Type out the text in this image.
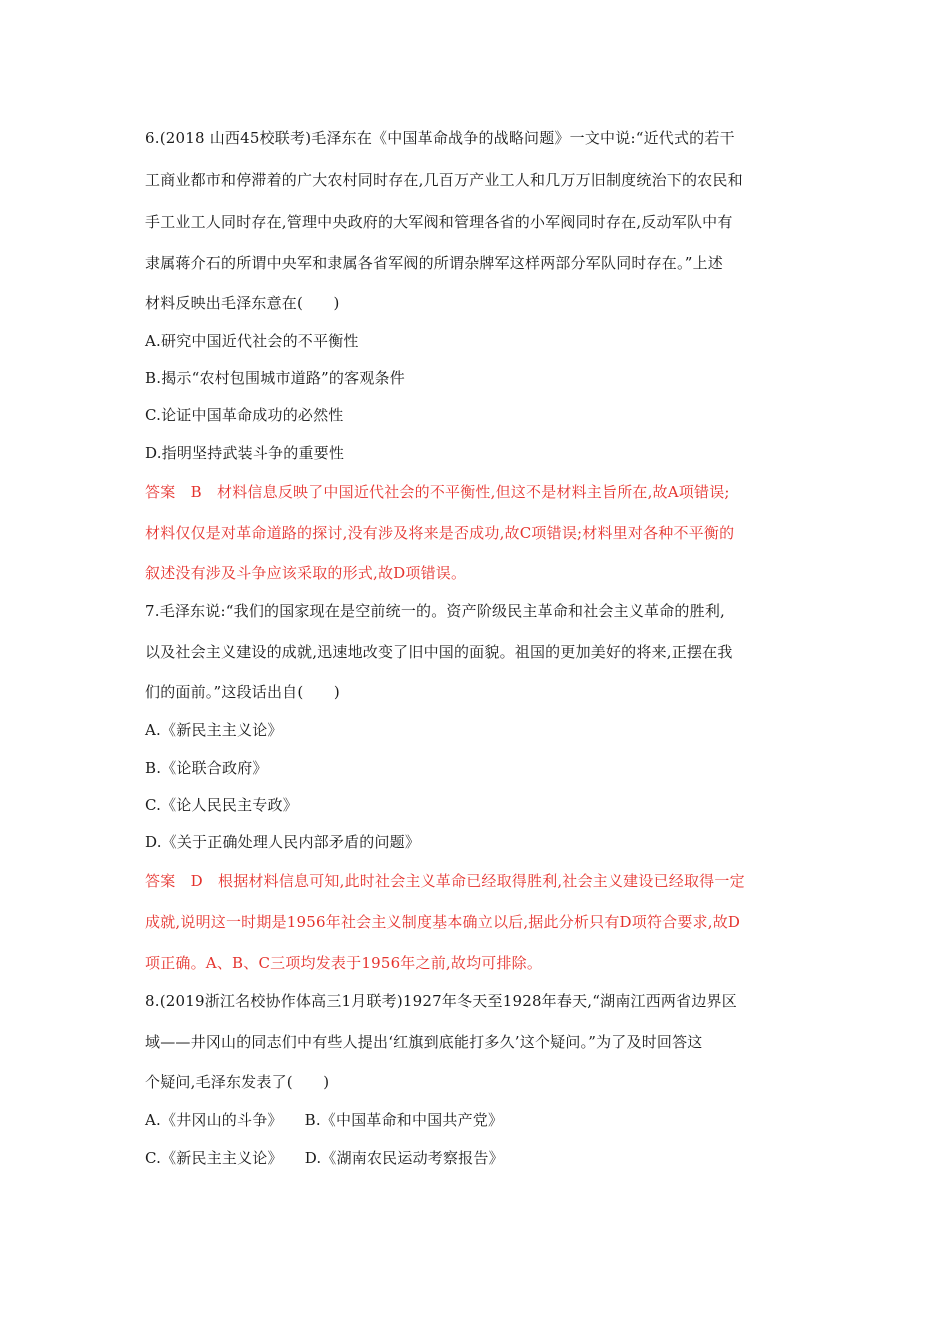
6.(2018 山西45校联考)毛泽东在《中国革命战争的战略问题》一文中说:“近代式的若干
工商业都市和停滞着的广大农村同时存在,几百万产业工人和几万万旧制度统治下的农民和
手工业工人同时存在,管理中央政府的大军阀和管理各省的小军阀同时存在,反动军队中有
隶属蒋介石的所谓中央军和隶属各省军阀的所谓杂牌军这样两部分军队同时存在。”上述
材料反映出毛泽东意在(　　)
A.研究中国近代社会的不平衡性
B.揭示“农村包围城市道路”的客观条件
C.论证中国革命成功的必然性
D.指明坚持武装斗争的重要性
答案　B　材料信息反映了中国近代社会的不平衡性,但这不是材料主旨所在,故A项错误;
材料仅仅是对革命道路的探讨,没有涉及将来是否成功,故C项错误;材料里对各种不平衡的
叙述没有涉及斗争应该采取的形式,故D项错误。
7.毛泽东说:“我们的国家现在是空前统一的。资产阶级民主革命和社会主义革命的胜利,
以及社会主义建设的成就,迅速地改变了旧中国的面貌。祖国的更加美好的将来,正摆在我
们的面前。”这段话出自(　　)
A.《新民主主义论》
B.《论联合政府》
C.《论人民民主专政》
D.《关于正确处理人民内部矛盾的问题》
答案　D　根据材料信息可知,此时社会主义革命已经取得胜利,社会主义建设已经取得一定
成就,说明这一时期是1956年社会主义制度基本确立以后,据此分析只有D项符合要求,故D
项正确。A、B、C三项均发表于1956年之前,故均可排除。
8.(2019浙江名校协作体高三1月联考)1927年冬天至1928年春天,“湖南江西两省边界区
域——井冈山的同志们中有些人提出‘红旗到底能打多久’这个疑问。”为了及时回答这
个疑问,毛泽东发表了(　　)
A.《井冈山的斗争》 B.《中国革命和中国共产党》
C.《新民主主义论》 D.《湖南农民运动考察报告》
